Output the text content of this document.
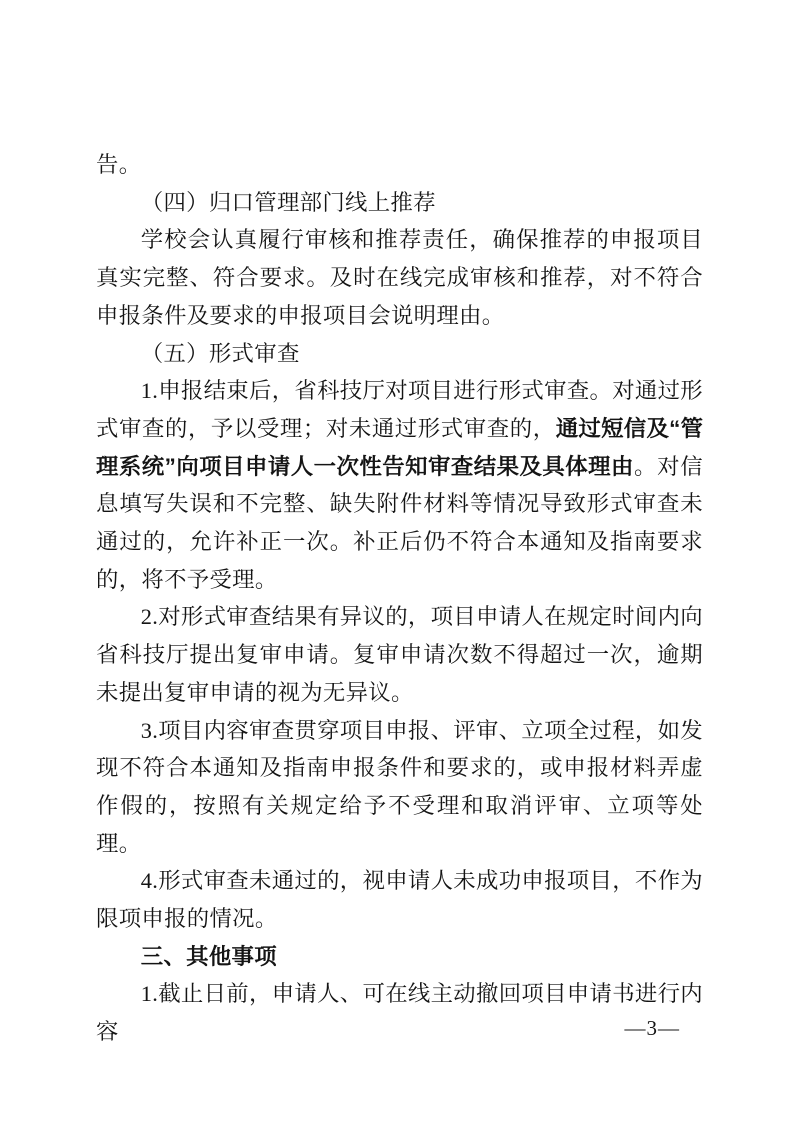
告。

（四）归口管理部门线上推荐

学校会认真履行审核和推荐责任，确保推荐的申报项目真实完整、符合要求。及时在线完成审核和推荐，对不符合申报条件及要求的申报项目会说明理由。

（五）形式审查

1.申报结束后，省科技厅对项目进行形式审查。对通过形式审查的，予以受理；对未通过形式审查的，通过短信及“管理系统”向项目申请人一次性告知审查结果及具体理由。对信息填写失误和不完整、缺失附件材料等情况导致形式审查未通过的，允许补正一次。补正后仍不符合本通知及指南要求的，将不予受理。

2.对形式审查结果有异议的，项目申请人在规定时间内向省科技厅提出复审申请。复审申请次数不得超过一次，逾期未提出复审申请的视为无异议。

3.项目内容审查贯穿项目申报、评审、立项全过程，如发现不符合本通知及指南申报条件和要求的，或申报材料弄虚作假的，按照有关规定给予不受理和取消评审、立项等处理。

4.形式审查未通过的，视申请人未成功申报项目，不作为限项申报的情况。

三、其他事项

1.截止日前，申请人、可在线主动撤回项目申请书进行内容	—3—
